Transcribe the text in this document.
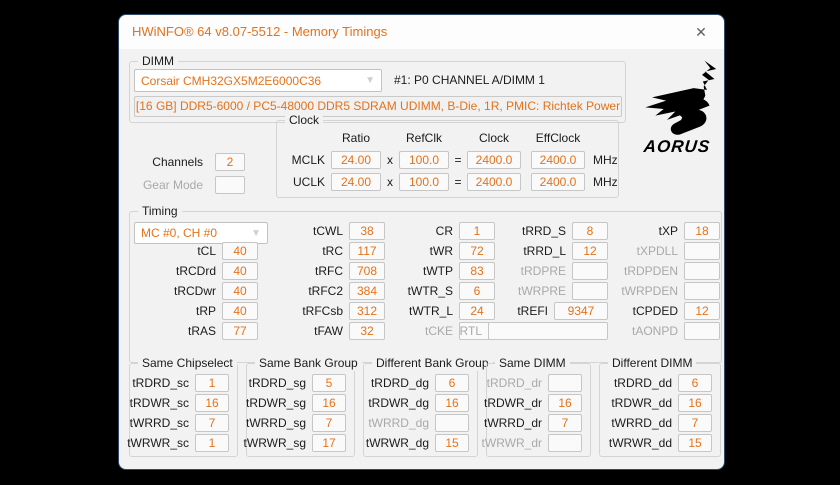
HWiNFO® 64 v8.07-5512 - Memory Timings	✕
DIMM
Corsair CMH32GX5M2E6000C36	▼ #1: P0 CHANNEL A/DIMM 1
[16 GB] DDR5-6000 / PC5-48000 DDR5 SDRAM UDIMM, B-Die, 1R, PMIC: Richtek Power
AORUS
Channels	2
Gear Mode
Clock
Ratio	RefClk	Clock	EffClock
MCLK	24.00	x	100.0	=	2400.0	2400.0	MHz
UCLK	24.00	x	100.0	=	2400.0	2400.0	MHz
Timing
MC #0, CH #0	▼
tCL	40
tRCDrd	40
tRCDwr	40
tRP	40
tRAS	77
tCWL	38
tRC	117
tRFC	708
tRFC2	384
tRFCsb	312
tFAW	32
CR	1
tWR	72
tWTP	83
tWTR_S	6
tWTR_L	24
tCKE
tRRD_S	8
tRRD_L	12
tRDPRE
tWRPRE
tREFI	9347
RTL
tXP	18
tXPDLL
tRDPDEN
tWRPDEN
tCPDED	12
tAONPD
Same Chipselect
tRDRD_sc	1
tRDWR_sc	16
tWRRD_sc	7
tWRWR_sc	1
Same Bank Group
tRDRD_sg	5
tRDWR_sg	16
tWRRD_sg	7
tWRWR_sg	17
Different Bank Group
tRDRD_dg	6
tRDWR_dg	16
tWRRD_dg
tWRWR_dg	15
Same DIMM
tRDRD_dr
tRDWR_dr	16
tWRRD_dr	7
tWRWR_dr
Different DIMM
tRDRD_dd	6
tRDWR_dd	16
tWRRD_dd	7
tWRWR_dd	15
